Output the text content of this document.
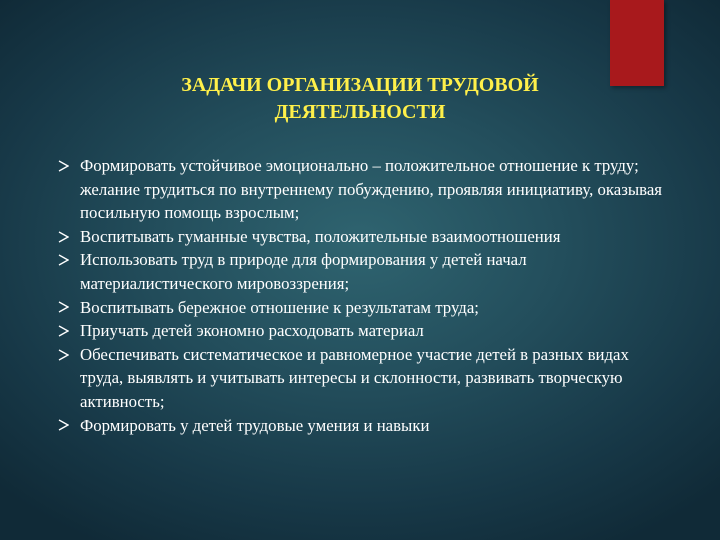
ЗАДАЧИ ОРГАНИЗАЦИИ ТРУДОВОЙ
ДЕЯТЕЛЬНОСТИ
Формировать устойчивое эмоционально – положительное отношение к труду; желание трудиться по внутреннему побуждению, проявляя инициативу, оказывая посильную помощь взрослым;
Воспитывать гуманные чувства, положительные взаимоотношения
Использовать труд в природе для формирования у детей начал материалистического мировоззрения;
Воспитывать бережное отношение к результатам труда;
Приучать детей экономно расходовать материал
Обеспечивать систематическое и равномерное участие детей в разных видах труда, выявлять и учитывать интересы и склонности, развивать творческую активность;
Формировать у детей трудовые умения и навыки
